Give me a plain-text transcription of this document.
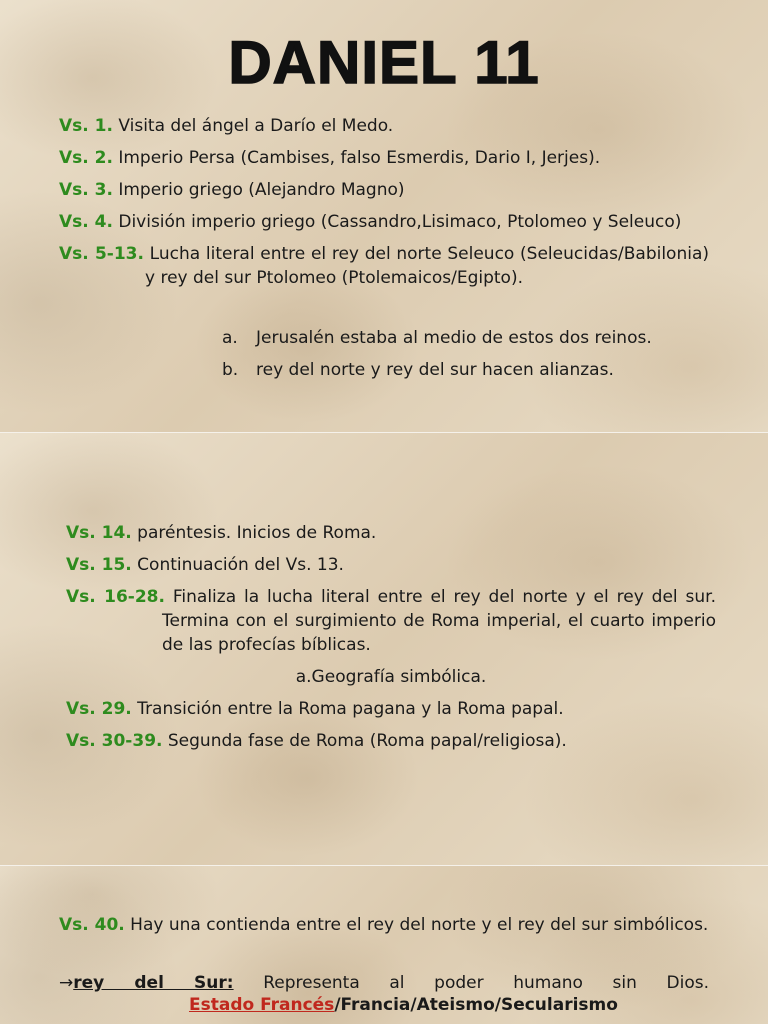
DANIEL 11

Vs. 1. Visita del ángel a Darío el Medo.

Vs. 2. Imperio Persa (Cambises, falso Esmerdis, Dario I, Jerjes).

Vs. 3. Imperio griego (Alejandro Magno)

Vs. 4. División imperio griego (Cassandro,Lisimaco, Ptolomeo y Seleuco)

Vs. 5-13. Lucha literal entre el rey del norte Seleuco (Seleucidas/Babilonia) y rey del sur Ptolomeo (Ptolemaicos/Egipto).

a.	Jerusalén estaba al medio de estos dos reinos.
b.	rey del norte y rey del sur hacen alianzas.

Vs. 14. paréntesis. Inicios de Roma.

Vs. 15. Continuación del Vs. 13.

Vs. 16-28. Finaliza la lucha literal entre el rey del norte y el rey del sur. Termina con el surgimiento de Roma imperial, el cuarto imperio de las profecías bíblicas.

a.Geografía simbólica.

Vs. 29. Transición entre la Roma pagana y la Roma papal.

Vs. 30-39. Segunda fase de Roma (Roma papal/religiosa).

Vs. 40. Hay una contienda entre el rey del norte y el rey del sur simbólicos.

→rey del Sur: Representa al poder humano sin Dios.

Estado Francés/Francia/Ateismo/Secularismo
